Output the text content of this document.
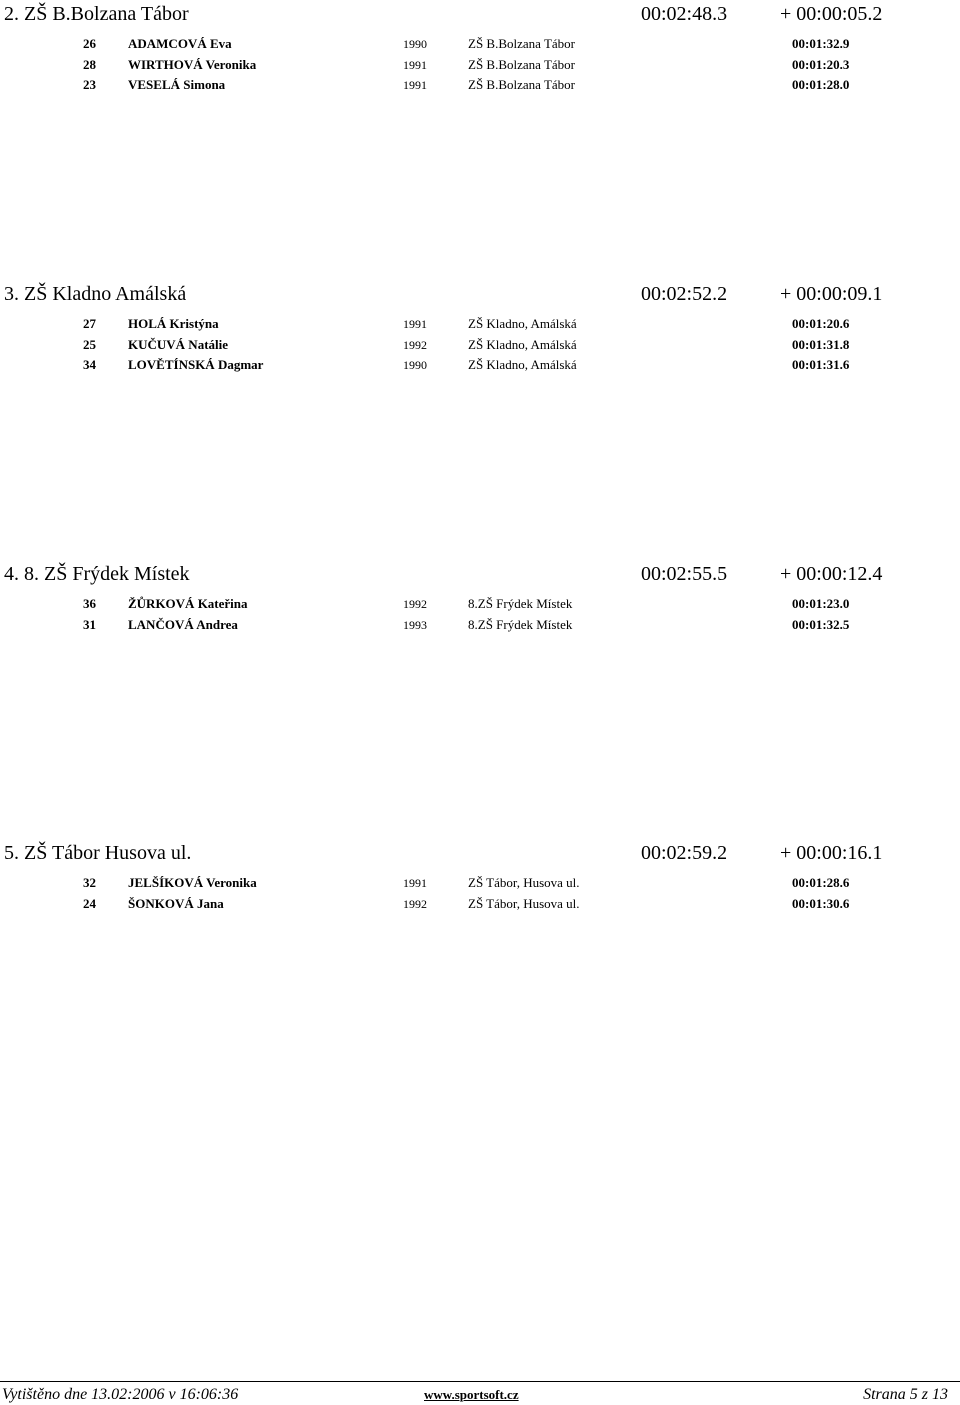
2. ZŠ B.Bolzana Tábor	00:02:48.3	+ 00:00:05.2
26 ADAMCOVÁ Eva	1990	ZŠ B.Bolzana Tábor	00:01:32.9
28 WIRTHOVÁ Veronika	1991	ZŠ B.Bolzana Tábor	00:01:20.3
23 VESELÁ Simona	1991	ZŠ B.Bolzana Tábor	00:01:28.0
3. ZŠ Kladno Amálská	00:02:52.2	+ 00:00:09.1
27 HOLÁ Kristýna	1991	ZŠ Kladno, Amálská	00:01:20.6
25 KUČUVÁ Natálie	1992	ZŠ Kladno, Amálská	00:01:31.8
34 LOVĚTÍNSKÁ Dagmar	1990	ZŠ Kladno, Amálská	00:01:31.6
4. 8. ZŠ Frýdek Místek	00:02:55.5	+ 00:00:12.4
36 ŽŮRKOVÁ Kateřina	1992	8.ZŠ Frýdek Místek	00:01:23.0
31 LANČOVÁ Andrea	1993	8.ZŠ Frýdek Místek	00:01:32.5
5. ZŠ Tábor Husova ul.	00:02:59.2	+ 00:00:16.1
32 JELŠÍKOVÁ Veronika	1991	ZŠ Tábor, Husova ul.	00:01:28.6
24 ŠONKOVÁ Jana	1992	ZŠ Tábor, Husova ul.	00:01:30.6
Vytištěno dne 13.02:2006 v 16:06:36	www.sportsoft.cz	Strana 5 z 13
